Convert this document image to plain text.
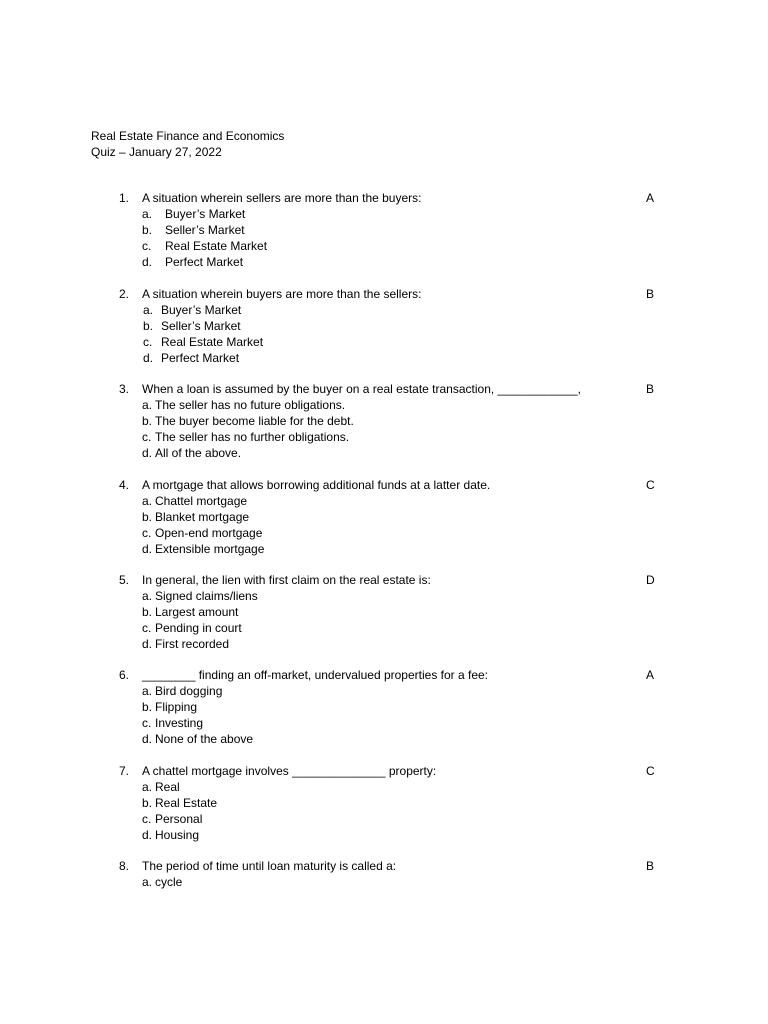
Real Estate Finance and Economics
Quiz – January 27, 2022
1. A situation wherein sellers are more than the buyers:	A
a. Buyer’s Market
b. Seller’s Market
c. Real Estate Market
d. Perfect Market
2. A situation wherein buyers are more than the sellers:	B
a. Buyer’s Market
b. Seller’s Market
c. Real Estate Market
d. Perfect Market
3. When a loan is assumed by the buyer on a real estate transaction, ____________,	B
a. The seller has no future obligations.
b. The buyer become liable for the debt.
c. The seller has no further obligations.
d. All of the above.
4. A mortgage that allows borrowing additional funds at a latter date.	C
a. Chattel mortgage
b. Blanket mortgage
c. Open-end mortgage
d. Extensible mortgage
5. In general, the lien with first claim on the real estate is:	D
a. Signed claims/liens
b. Largest amount
c. Pending in court
d. First recorded
6. ________ finding an off-market, undervalued properties for a fee:	A
a. Bird dogging
b. Flipping
c. Investing
d. None of the above
7. A chattel mortgage involves ______________ property:	C
a. Real
b. Real Estate
c. Personal
d. Housing
8. The period of time until loan maturity is called a:	B
a. cycle
